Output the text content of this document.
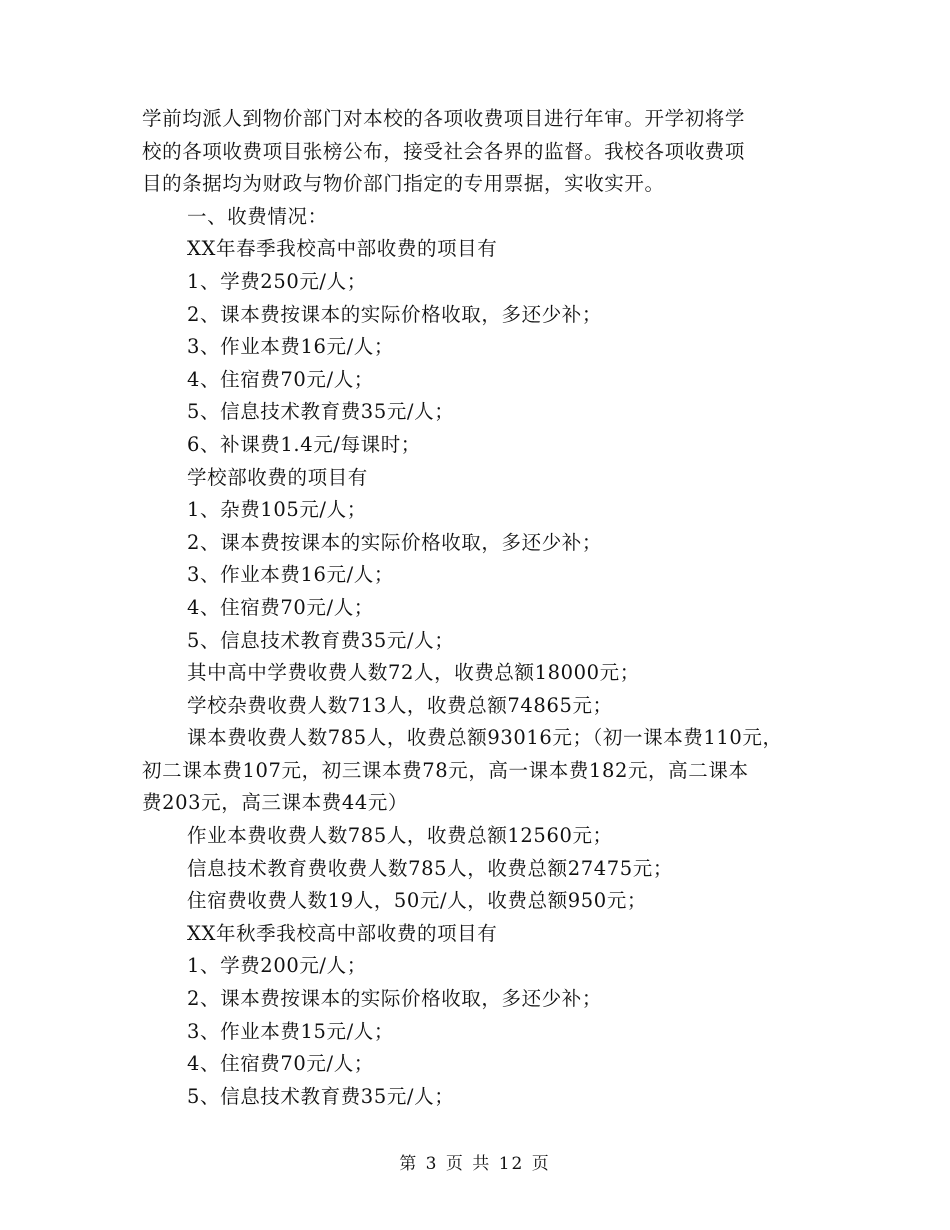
学前均派人到物价部门对本校的各项收费项目进行年审。开学初将学
校的各项收费项目张榜公布，接受社会各界的监督。我校各项收费项
目的条据均为财政与物价部门指定的专用票据，实收实开。
一、收费情况：
XX年春季我校高中部收费的项目有
1、学费250元/人；
2、课本费按课本的实际价格收取，多还少补；
3、作业本费16元/人；
4、住宿费70元/人；
5、信息技术教育费35元/人；
6、补课费1.4元/每课时；
学校部收费的项目有
1、杂费105元/人；
2、课本费按课本的实际价格收取，多还少补；
3、作业本费16元/人；
4、住宿费70元/人；
5、信息技术教育费35元/人；
其中高中学费收费人数72人，收费总额18000元；
学校杂费收费人数713人，收费总额74865元；
课本费收费人数785人，收费总额93016元；（初一课本费110元，
初二课本费107元，初三课本费78元，高一课本费182元，高二课本
费203元，高三课本费44元）
作业本费收费人数785人，收费总额12560元；
信息技术教育费收费人数785人，收费总额27475元；
住宿费收费人数19人，50元/人，收费总额950元；
XX年秋季我校高中部收费的项目有
1、学费200元/人；
2、课本费按课本的实际价格收取，多还少补；
3、作业本费15元/人；
4、住宿费70元/人；
5、信息技术教育费35元/人；
第 3 页 共 12 页
